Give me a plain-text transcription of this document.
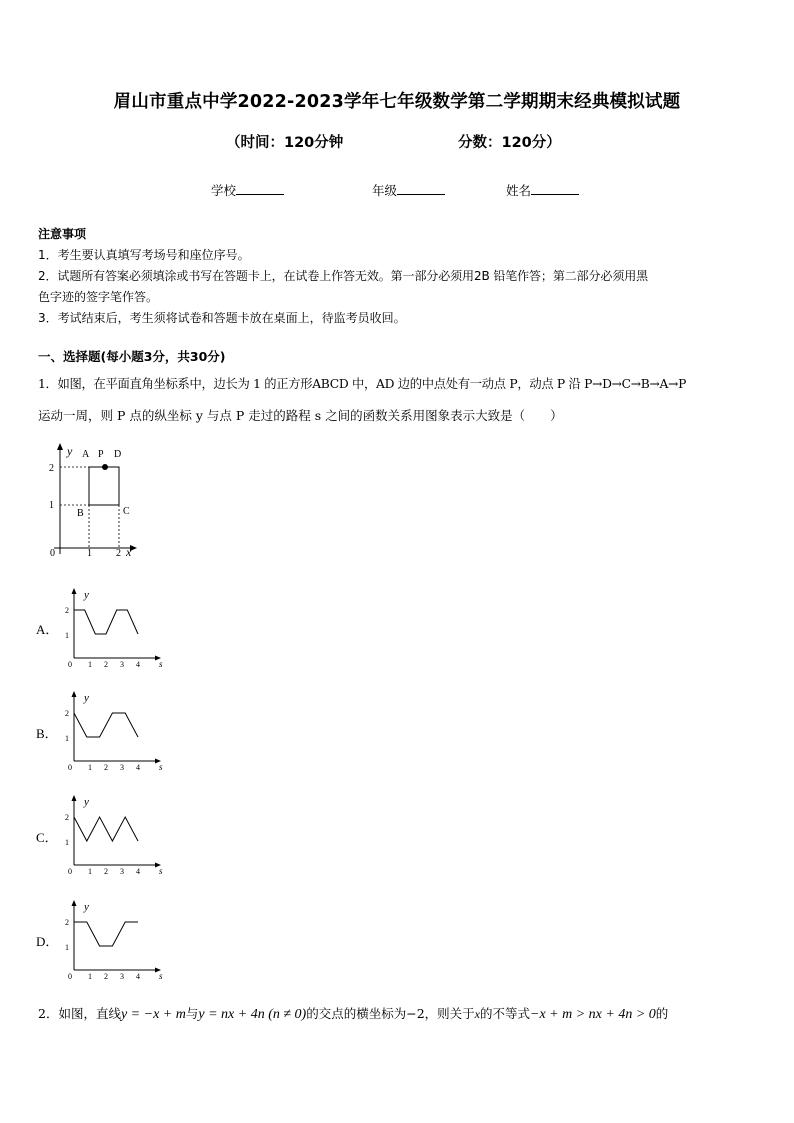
眉山市重点中学2022-2023学年七年级数学第二学期期末经典模拟试题
（时间：120分钟	分数：120分）
学校	年级	姓名
注意事项
1．考生要认真填写考场号和座位序号。
2．试题所有答案必须填涂或书写在答题卡上，在试卷上作答无效。第一部分必须用2B 铅笔作答；第二部分必须用黑
色字迹的签字笔作答。
3．考试结束后，考生须将试卷和答题卡放在桌面上，待监考员收回。
一、选择题(每小题3分，共30分)
1．如图，在平面直角坐标系中，边长为 1 的正方形ABCD 中，AD 边的中点处有一动点 P，动点 P 沿 P→D→C→B→A→P
运动一周，则 P 点的纵坐标 y 与点 P 走过的路程 s 之间的函数关系用图象表示大致是（　　）
y A P D
B	C
2
1
0	1 2 x
A．
y
2
1
0 1 2 3 4 s
B．
y
2
1
0 1 2 3 4 s
C．
y
2
1
0 1 2 3 4 s
D．
y
2
1
0 1 2 3 4 s
2．如图，直线y = −x + m与y = nx + 4n (n ≠ 0)的交点的横坐标为−2，则关于x的不等式−x + m > nx + 4n > 0的
